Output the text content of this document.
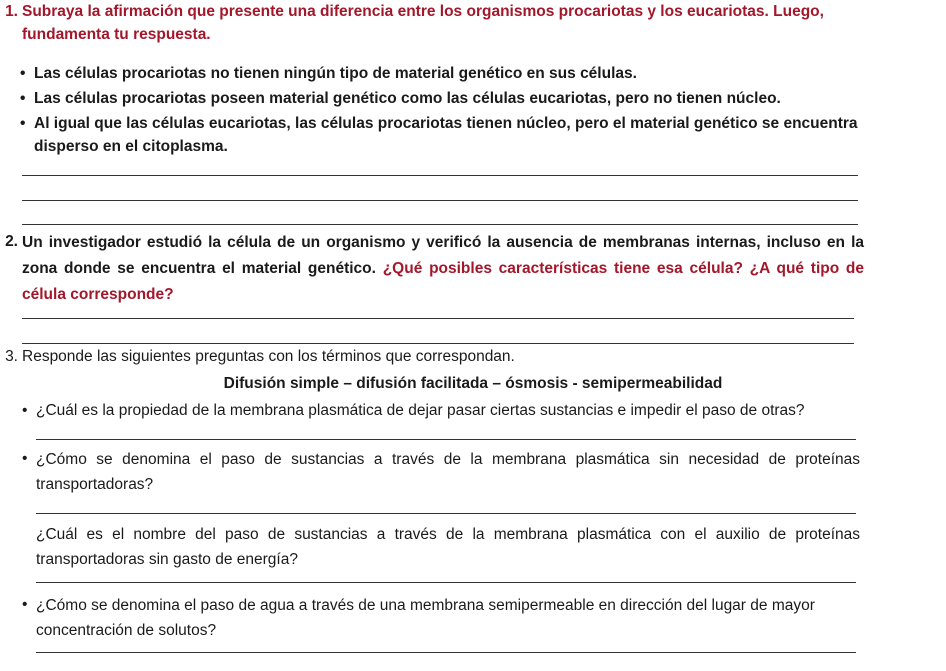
1. Subraya la afirmación que presente una diferencia entre los organismos procariotas y los eucariotas. Luego, fundamenta tu respuesta.
• Las células procariotas no tienen ningún tipo de material genético en sus células.
• Las células procariotas poseen material genético como las células eucariotas, pero no tienen núcleo.
• Al igual que las células eucariotas, las células procariotas tienen núcleo, pero el material genético se encuentra disperso en el citoplasma.
2. Un investigador estudió la célula de un organismo y verificó la ausencia de membranas internas, incluso en la zona donde se encuentra el material genético. ¿Qué posibles características tiene esa célula? ¿A qué tipo de célula corresponde?
3. Responde las siguientes preguntas con los términos que correspondan.
Difusión simple – difusión facilitada – ósmosis - semipermeabilidad
• ¿Cuál es la propiedad de la membrana plasmática de dejar pasar ciertas sustancias e impedir el paso de otras?
• ¿Cómo se denomina el paso de sustancias a través de la membrana plasmática sin necesidad de proteínas transportadoras?
¿Cuál es el nombre del paso de sustancias a través de la membrana plasmática con el auxilio de proteínas transportadoras sin gasto de energía?
• ¿Cómo se denomina el paso de agua a través de una membrana semipermeable en dirección del lugar de mayor concentración de solutos?
